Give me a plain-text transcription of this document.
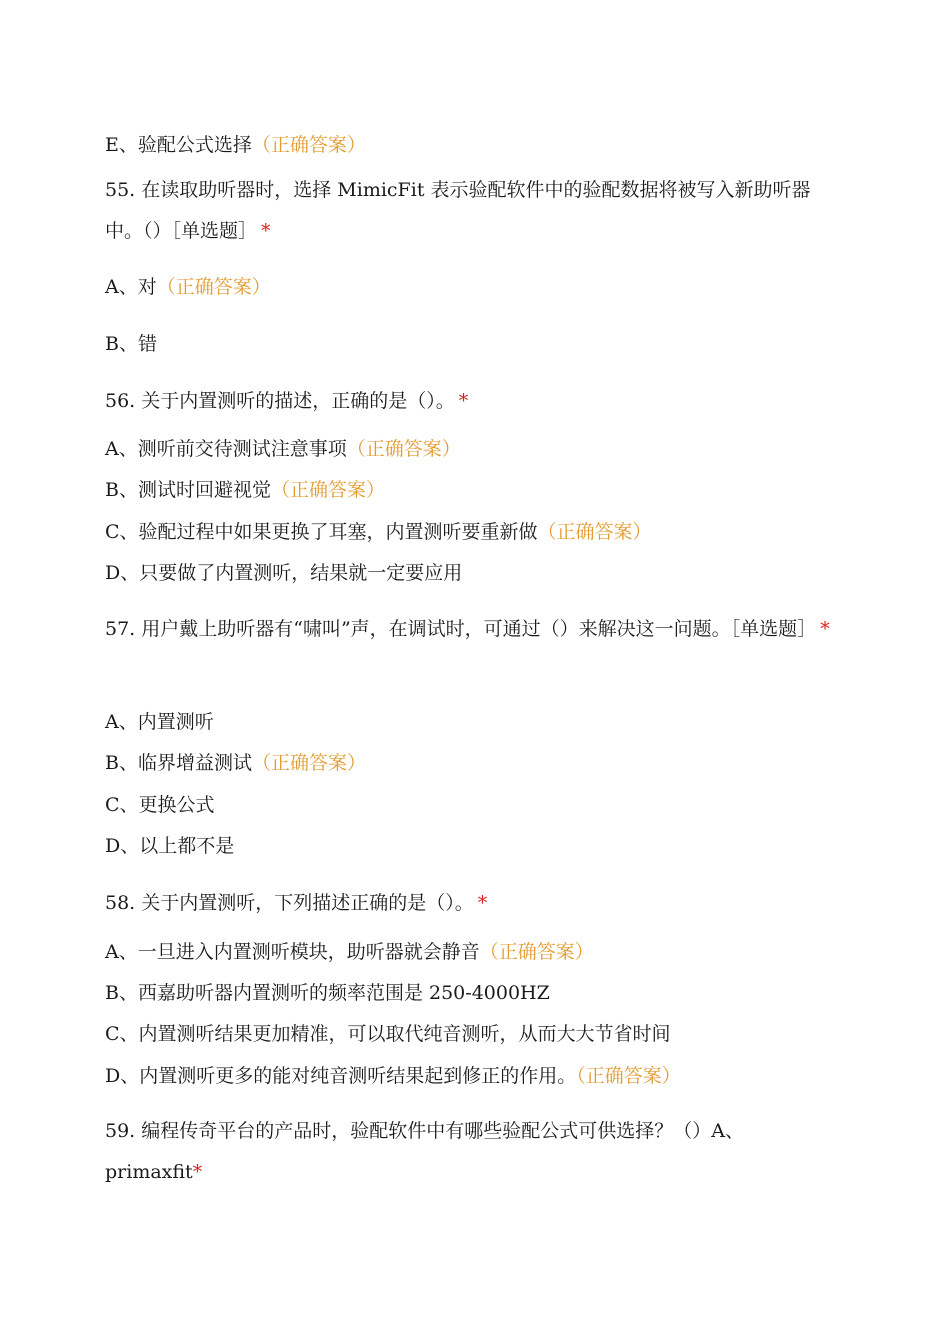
E、验配公式选择（正确答案）
55. 在读取助听器时，选择 MimicFit 表示验配软件中的验配数据将被写入新助听器中。（）［单选题］ *
A、对（正确答案）
B、错
56. 关于内置测听的描述，正确的是（）。 *
A、测听前交待测试注意事项（正确答案）
B、测试时回避视觉（正确答案）
C、验配过程中如果更换了耳塞，内置测听要重新做（正确答案）
D、只要做了内置测听，结果就一定要应用
57. 用户戴上助听器有“啸叫”声，在调试时，可通过（）来解决这一问题。［单选题］ *
A、内置测听
B、临界增益测试（正确答案）
C、更换公式
D、以上都不是
58. 关于内置测听，下列描述正确的是（）。 *
A、一旦进入内置测听模块，助听器就会静音（正确答案）
B、西嘉助听器内置测听的频率范围是 250-4000HZ
C、内置测听结果更加精准，可以取代纯音测听，从而大大节省时间
D、内置测听更多的能对纯音测听结果起到修正的作用。（正确答案）
59. 编程传奇平台的产品时，验配软件中有哪些验配公式可供选择？（）A、primaxfit*
